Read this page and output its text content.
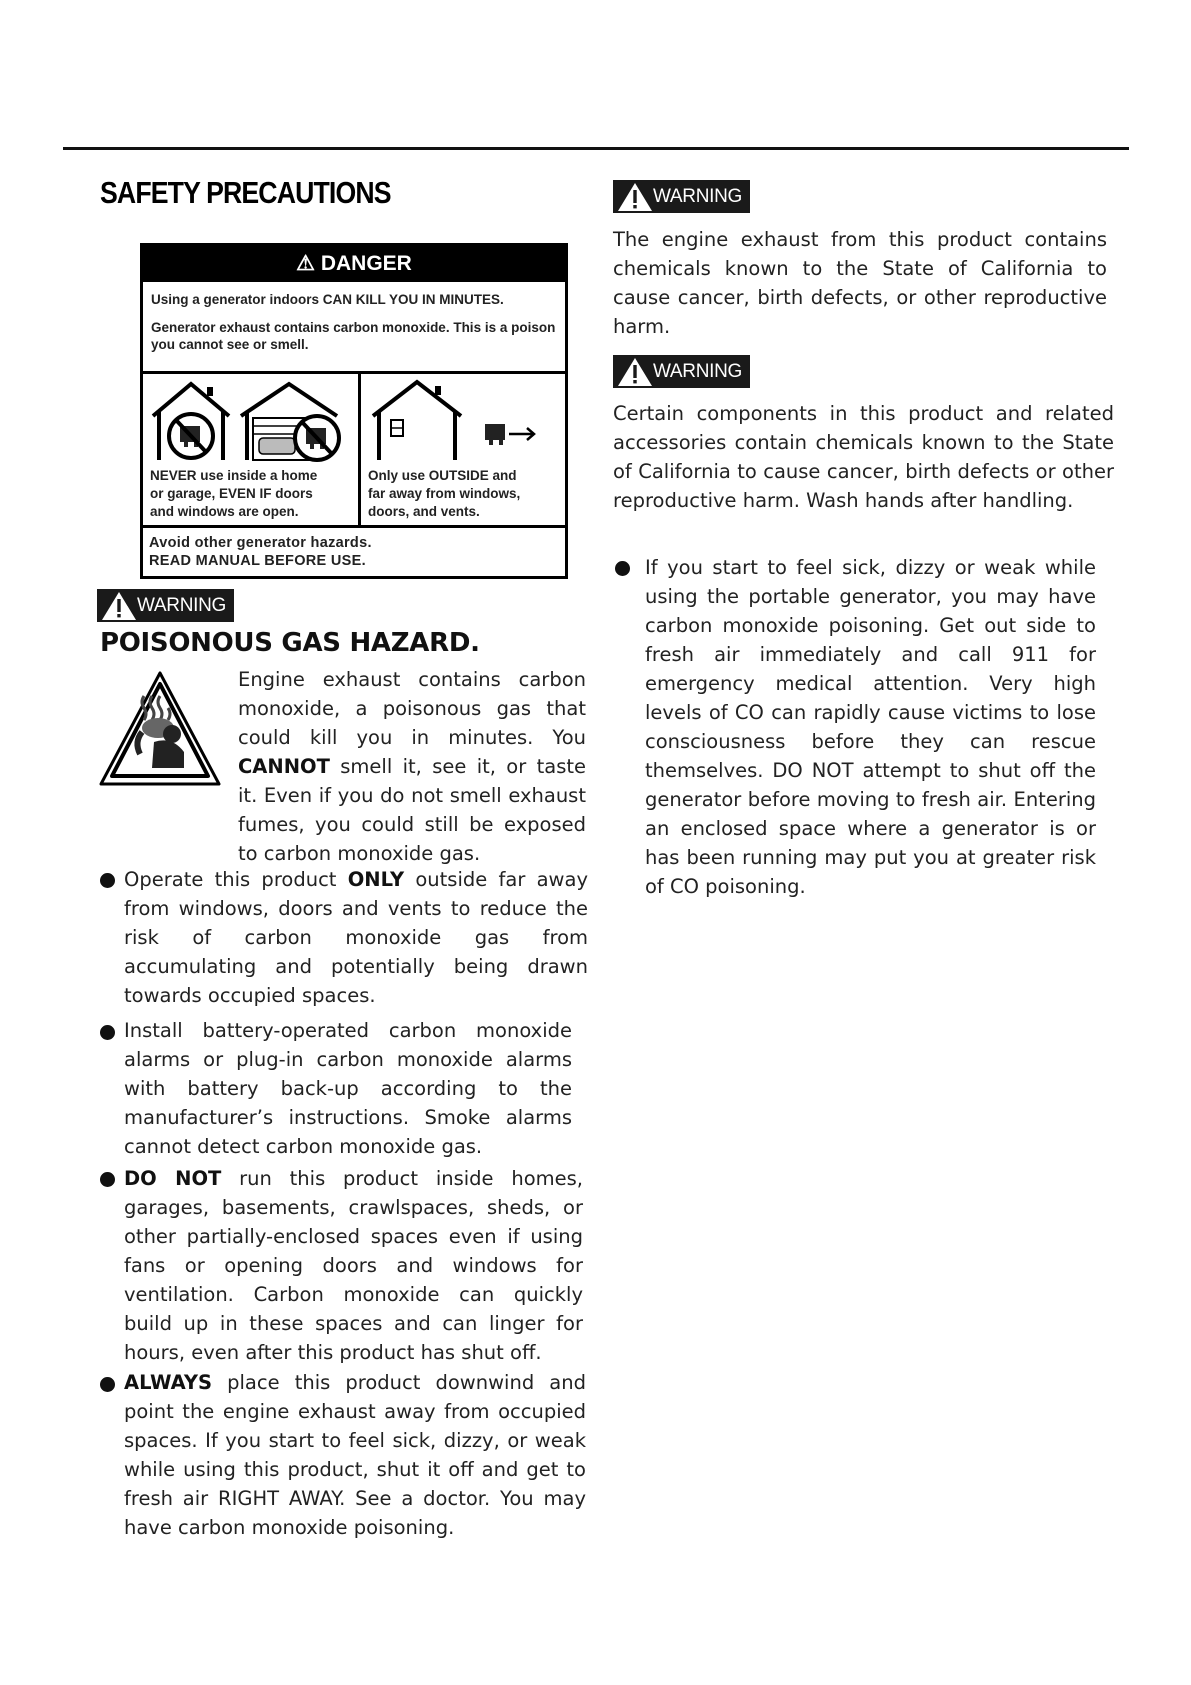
SAFETY PRECAUTIONS
⚠ DANGER
Using a generator indoors CAN KILL YOU IN MINUTES.
Generator exhaust contains carbon monoxide. This is a poison you cannot see or smell.
NEVER use inside a home
or garage, EVEN IF doors
and windows are open.
Only use OUTSIDE and
far away from windows,
doors, and vents.
Avoid other generator hazards.
READ MANUAL BEFORE USE.
WARNING
POISONOUS GAS HAZARD.
Engine exhaust contains carbon monoxide, a poisonous gas that could kill you in minutes. You CANNOT smell it, see it, or taste it. Even if you do not smell exhaust fumes, you could still be exposed to carbon monoxide gas.
Operate this product ONLY outside far away from windows, doors and vents to reduce the risk of carbon monoxide gas from accumulating and potentially being drawn towards occupied spaces.
Install battery-operated carbon monoxide alarms or plug-in carbon monoxide alarms with battery back-up according to the manufacturer’s instructions. Smoke alarms cannot detect carbon monoxide gas.
DO NOT run this product inside homes, garages, basements, crawlspaces, sheds, or other partially-enclosed spaces even if using fans or opening doors and windows for ventilation. Carbon monoxide can quickly build up in these spaces and can linger for hours, even after this product has shut off.
ALWAYS place this product downwind and point the engine exhaust away from occupied spaces. If you start to feel sick, dizzy, or weak while using this product, shut it off and get to fresh air RIGHT AWAY. See a doctor. You may have carbon monoxide poisoning.
WARNING
The engine exhaust from this product contains chemicals known to the State of California to cause cancer, birth defects, or other reproductive harm.
WARNING
Certain components in this product and related accessories contain chemicals known to the State of California to cause cancer, birth defects or other reproductive harm. Wash hands after handling.
If you start to feel sick, dizzy or weak while using the portable generator, you may have carbon monoxide poisoning. Get out side to fresh air immediately and call 911 for emergency medical attention. Very high levels of CO can rapidly cause victims to lose consciousness before they can rescue themselves. DO NOT attempt to shut off the generator before moving to fresh air. Entering an enclosed space where a generator is or has been running may put you at greater risk of CO poisoning.
